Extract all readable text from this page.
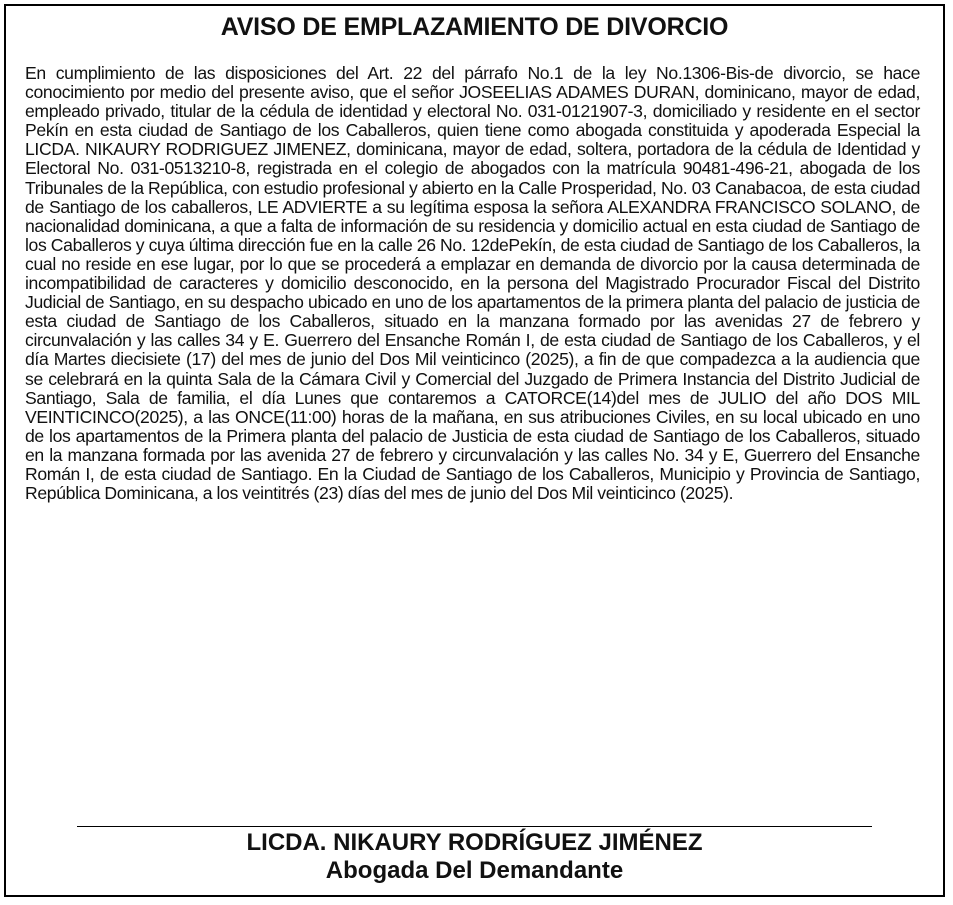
AVISO DE EMPLAZAMIENTO DE DIVORCIO

En cumplimiento de las disposiciones del Art. 22 del párrafo No.1 de la ley No.1306-Bis-de divorcio, se hace conocimiento por medio del presente aviso, que el señor JOSEELIAS ADAMES DURAN, dominicano, mayor de edad, empleado privado, titular de la cédula de identidad y electoral No. 031-0121907-3, domiciliado y residente en el sector Pekín en esta ciudad de Santiago de los Caballeros, quien tiene como abogada constituida y apoderada Especial la LICDA. NIKAURY RODRIGUEZ JIMENEZ, dominicana, mayor de edad, soltera, portadora de la cédula de Identidad y Electoral No. 031-0513210-8, registrada en el colegio de abogados con la matrícula 90481-496-21, abogada de los Tribunales de la República, con estudio profesional y abierto en la Calle Prosperidad, No. 03 Canabacoa, de esta ciudad de Santiago de los caballeros, LE ADVIERTE a su legítima esposa la señora ALEXANDRA FRANCISCO SOLANO, de nacionalidad dominicana, a que a falta de información de su residencia y domicilio actual en esta ciudad de Santiago de los Caballeros y cuya última dirección fue en la calle 26 No. 12dePekín, de esta ciudad de Santiago de los Caballeros, la cual no reside en ese lugar, por lo que se procederá a emplazar en demanda de divorcio por la causa determinada de incompatibilidad de caracteres y domicilio desconocido, en la persona del Magistrado Procurador Fiscal del Distrito Judicial de Santiago, en su despacho ubicado en uno de los apartamentos de la primera planta del palacio de justicia de esta ciudad de Santiago de los Caballeros, situado en la manzana formado por las avenidas 27 de febrero y circunvalación y las calles 34 y E. Guerrero del Ensanche Román I, de esta ciudad de Santiago de los Caballeros, y el día Martes diecisiete (17) del mes de junio del Dos Mil veinticinco (2025), a fin de que compadezca a la audiencia que se celebrará en la quinta Sala de la Cámara Civil y Comercial del Juzgado de Primera Instancia del Distrito Judicial de Santiago, Sala de familia, el día Lunes que contaremos a CATORCE(14)del mes de JULIO del año DOS MIL VEINTICINCO(2025), a las ONCE(11:00) horas de la mañana, en sus atribuciones Civiles, en su local ubicado en uno de los apartamentos de la Primera planta del palacio de Justicia de esta ciudad de Santiago de los Caballeros, situado en la manzana formada por las avenida 27 de febrero y circunvalación y las calles No. 34 y E, Guerrero del Ensanche Román I, de esta ciudad de Santiago. En la Ciudad de Santiago de los Caballeros, Municipio y Provincia de Santiago, República Dominicana, a los veintitrés (23) días del mes de junio del Dos Mil veinticinco (2025).

LICDA. NIKAURY RODRÍGUEZ JIMÉNEZ
Abogada Del Demandante
